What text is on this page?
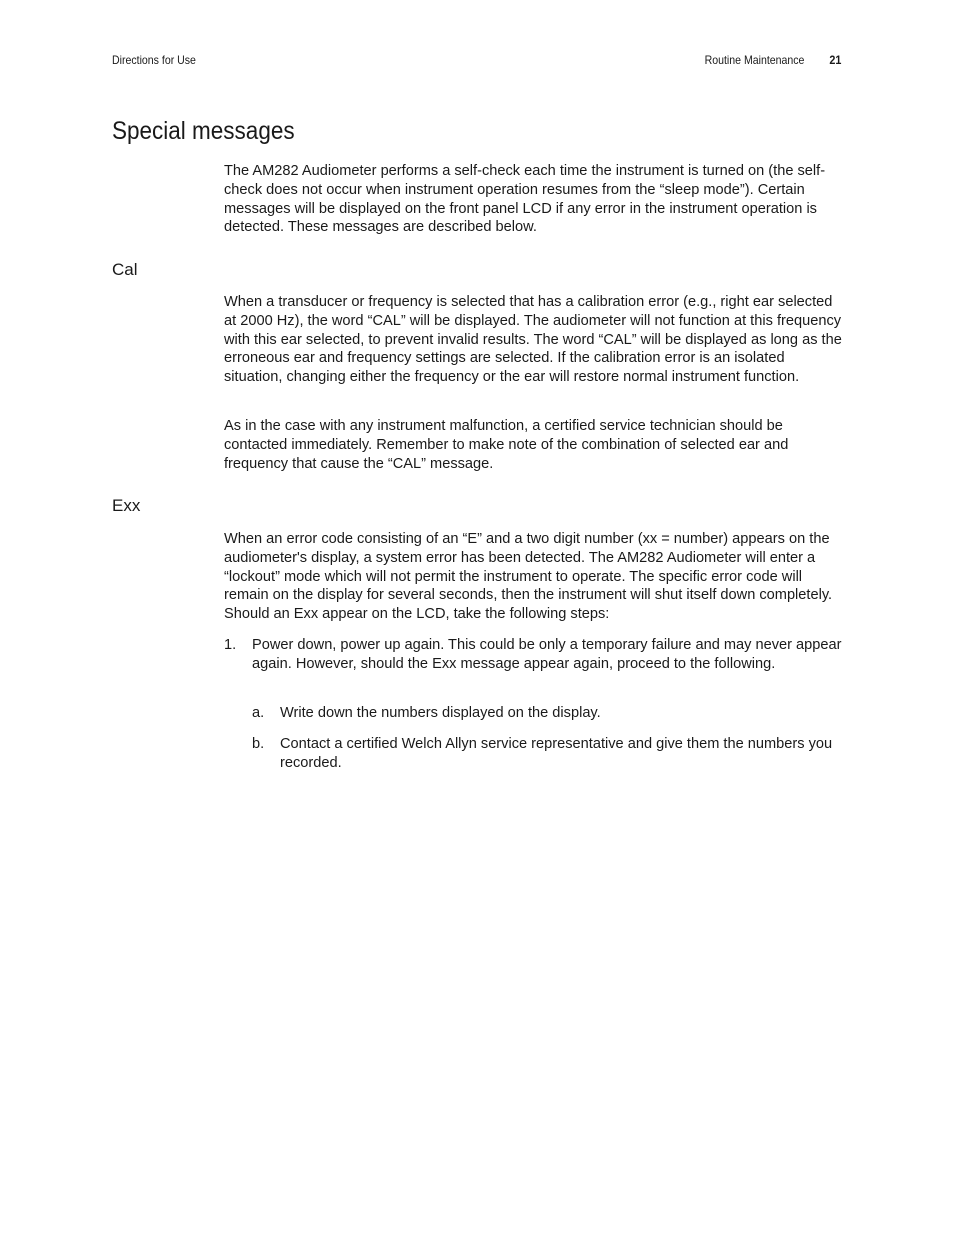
Directions for Use	Routine Maintenance 21
Special messages

The AM282 Audiometer performs a self-check each time the instrument is turned on (the self-check does not occur when instrument operation resumes from the “sleep mode”). Certain messages will be displayed on the front panel LCD if any error in the instrument operation is detected. These messages are described below.

Cal

When a transducer or frequency is selected that has a calibration error (e.g., right ear selected at 2000 Hz), the word “CAL” will be displayed. The audiometer will not function at this frequency with this ear selected, to prevent invalid results. The word “CAL” will be displayed as long as the erroneous ear and frequency settings are selected. If the calibration error is an isolated situation, changing either the frequency or the ear will restore normal instrument function.

As in the case with any instrument malfunction, a certified service technician should be contacted immediately. Remember to make note of the combination of selected ear and frequency that cause the “CAL” message.

Exx

When an error code consisting of an “E” and a two digit number (xx = number) appears on the audiometer's display, a system error has been detected. The AM282 Audiometer will enter a “lockout” mode which will not permit the instrument to operate. The specific error code will remain on the display for several seconds, then the instrument will shut itself down completely. Should an Exx appear on the LCD, take the following steps:

1.	Power down, power up again. This could be only a temporary failure and may never appear again. However, should the Exx message appear again, proceed to the following.
a.	Write down the numbers displayed on the display.
b.	Contact a certified Welch Allyn service representative and give them the numbers you recorded.
